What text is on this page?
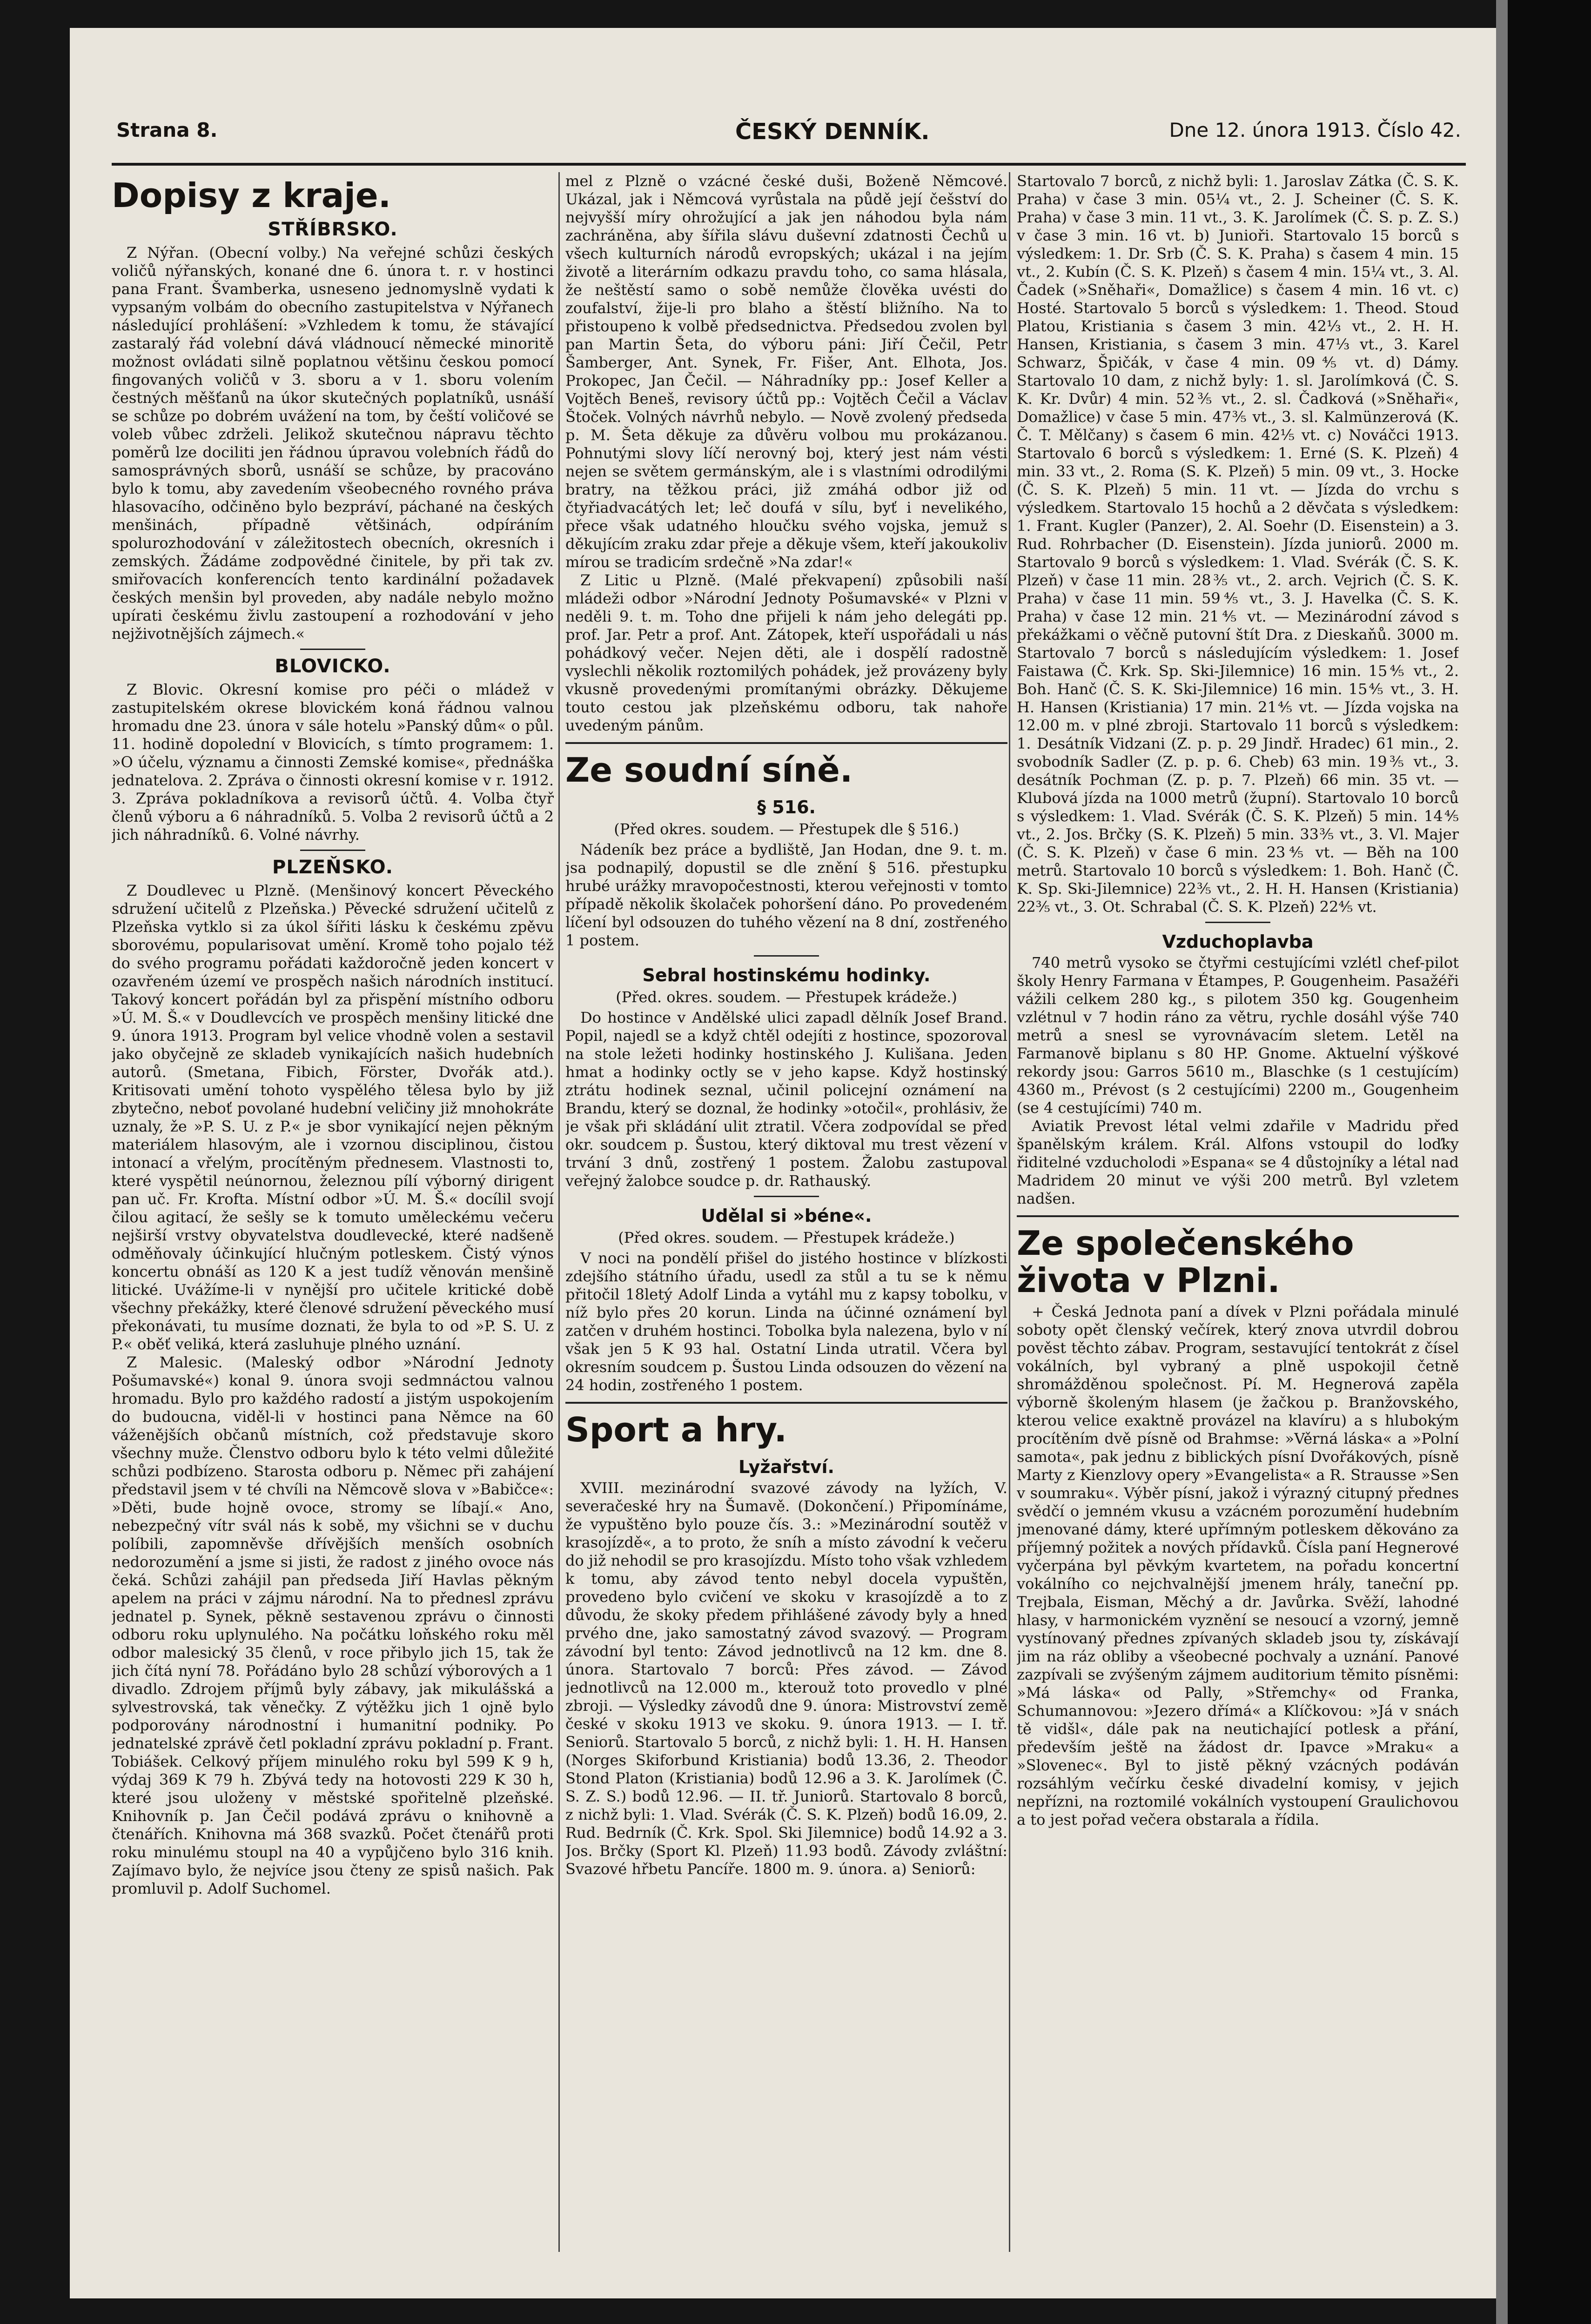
Strana 8.	ČESKÝ DENNÍK.	Dne 12. února 1913. Číslo 42.
Dopisy z kraje.
STŘÍBRSKO.

Z Nýřan. (Obecní volby.) Na veřejné schůzi českých voličů nýřanských, konané dne 6. února t. r. v hostinci pana Frant. Švamberka, usneseno jednomyslně vydati k vypsaným volbám do obecního zastupitelstva v Nýřanech následující prohlášení: »Vzhledem k tomu, že stávající zastaralý řád volební dává vládnoucí německé minoritě možnost ovládati silně poplatnou většinu českou pomocí fingovaných voličů v 3. sboru a v 1. sboru volením čestných měšťanů na úkor skutečných poplatníků, usnáší se schůze po dobrém uvážení na tom, by čeští voličové se voleb vůbec zdrželi. Jelikož skutečnou nápravu těchto poměrů lze dociliti jen řádnou úpravou volebních řádů do samosprávných sborů, usnáší se schůze, by pracováno bylo k tomu, aby zavedením všeobecného rovného práva hlasovacího, odčiněno bylo bezpráví, páchané na českých menšinách, případně většinách, odpíráním spolurozhodování v záležitostech obecních, okresních i zemských. Žádáme zodpovědné činitele, by při tak zv. smiřovacích konferencích tento kardinální požadavek českých menšin byl proveden, aby nadále nebylo možno upírati českému živlu zastoupení a rozhodování v jeho nejživotnějších zájmech.«

BLOVICKO.

Z Blovic. Okresní komise pro péči o mládež v zastupitelském okrese blovickém koná řádnou valnou hromadu dne 23. února v sále hotelu »Panský dům« o půl. 11. hodině dopolední v Blovicích, s tímto programem: 1. »O účelu, významu a činnosti Zemské komise«, přednáška jednatelova. 2. Zpráva o činnosti okresní komise v r. 1912. 3. Zpráva pokladníkova a revisorů účtů. 4. Volba čtyř členů výboru a 6 náhradníků. 5. Volba 2 revisorů účtů a 2 jich náhradníků. 6. Volné návrhy.

PLZEŇSKO.

Z Doudlevec u Plzně. (Menšinový koncert Pěveckého sdružení učitelů z Plzeňska.) Pěvecké sdružení učitelů z Plzeňska vytklo si za úkol šířiti lásku k českému zpěvu sborovému, popularisovat umění. Kromě toho pojalo též do svého programu pořádati každoročně jeden koncert v ozavřeném území ve prospěch našich národních institucí. Takový koncert pořádán byl za přispění místního odboru »Ú. M. Š.« v Doudlevcích ve prospěch menšiny litické dne 9. února 1913. Program byl velice vhodně volen a sestavil jako obyčejně ze skladeb vynikajících našich hudebních autorů. (Smetana, Fibich, Förster, Dvořák atd.). Kritisovati umění tohoto vyspělého tělesa bylo by již zbytečno, neboť povolané hudební veličiny již mnohokráte uznaly, že »P. S. U. z P.« je sbor vynikající nejen pěkným materiálem hlasovým, ale i vzornou disciplinou, čistou intonací a vřelým, procítěným přednesem. Vlastnosti to, které vyspětil neúnornou, železnou pílí výborný dirigent pan uč. Fr. Krofta. Místní odbor »Ú. M. Š.« docílil svojí čilou agitací, že sešly se k tomuto uměleckému večeru nejširší vrstvy obyvatelstva doudlevecké, které nadšeně odměňovaly účinkující hlučným potleskem. Čistý výnos koncertu obnáší as 120 K a jest tudíž věnován menšině litické. Uvážíme-li v nynější pro učitele kritické době všechny překážky, které členové sdružení pěveckého musí překonávati, tu musíme doznati, že byla to od »P. S. U. z P.« oběť veliká, která zasluhuje plného uznání.

Z Malesic. (Maleský odbor »Národní Jednoty Pošumavské«) konal 9. února svoji sedmnáctou valnou hromadu. Bylo pro každého radostí a jistým uspokojením do budoucna, viděl-li v hostinci pana Němce na 60 váženějších občanů místních, což představuje skoro všechny muže. Členstvo odboru bylo k této velmi důležité schůzi podbízeno. Starosta odboru p. Němec při zahájení představil jsem v té chvíli na Němcově slova v »Babičce«: »Děti, bude hojně ovoce, stromy se líbají.« Ano, nebezpečný vítr svál nás k sobě, my všichni se v duchu políbili, zapomněvše dřívějších menších osobních nedorozumění a jsme si jisti, že radost z jiného ovoce nás čeká. Schůzi zahájil pan předseda Jiří Havlas pěkným apelem na práci v zájmu národní. Na to přednesl zprávu jednatel p. Synek, pěkně sestavenou zprávu o činnosti odboru roku uplynulého. Na počátku loňského roku měl odbor malesický 35 členů, v roce přibylo jich 15, tak že jich čítá nyní 78. Pořádáno bylo 28 schůzí výborových a 1 divadlo. Zdrojem příjmů byly zábavy, jak mikulášská a sylvestrovská, tak věnečky. Z výtěžku jich 1 ojně bylo podporovány národnostní i humanitní podniky. Po jednatelské zprávě četl pokladní zprávu pokladní p. Frant. Tobiášek. Celkový příjem minulého roku byl 599 K 9 h, výdaj 369 K 79 h. Zbývá tedy na hotovosti 229 K 30 h, které jsou uloženy v městské spořitelně plzeňské. Knihovník p. Jan Čečil podává zprávu o knihovně a čtenářích. Knihovna má 368 svazků. Počet čtenářů proti roku minulému stoupl na 40 a vypůjčeno bylo 316 knih. Zajímavo bylo, že nejvíce jsou čteny ze spisů našich. Pak promluvil p. Adolf Suchomel.

mel z Plzně o vzácné české duši, Boženě Němcové. Ukázal, jak i Němcová vyrůstala na půdě její češství do nejvyšší míry ohrožující a jak jen náhodou byla nám zachráněna, aby šířila slávu duševní zdatnosti Čechů u všech kulturních národů evropských; ukázal i na jejím životě a literárním odkazu pravdu toho, co sama hlásala, že neštěstí samo o sobě nemůže člověka uvésti do zoufalství, žije-li pro blaho a štěstí bližního. Na to přistoupeno k volbě předsednictva. Předsedou zvolen byl pan Martin Šeta, do výboru páni: Jiří Čečil, Petr Šamberger, Ant. Synek, Fr. Fišer, Ant. Elhota, Jos. Prokopec, Jan Čečil. — Náhradníky pp.: Josef Keller a Vojtěch Beneš, revisory účtů pp.: Vojtěch Čečil a Václav Štoček. Volných návrhů nebylo. — Nově zvolený předseda p. M. Šeta děkuje za důvěru volbou mu prokázanou. Pohnutými slovy líčí nerovný boj, který jest nám vésti nejen se světem germánským, ale i s vlastními odrodilými bratry, na těžkou práci, již zmáhá odbor již od čtyřiadvacátých let; leč doufá v sílu, byť i nevelikého, přece však udatného hloučku svého vojska, jemuž s děkujícím zraku zdar přeje a děkuje všem, kteří jakoukoliv mírou se tradicím srdečně »Na zdar!«

Z Litic u Plzně. (Malé překvapení) způsobili naší mládeži odbor »Národní Jednoty Pošumavské« v Plzni v neděli 9. t. m. Toho dne přijeli k nám jeho delegáti pp. prof. Jar. Petr a prof. Ant. Zátopek, kteří uspořádali u nás pohádkový večer. Nejen děti, ale i dospělí radostně vyslechli několik roztomilých pohádek, jež provázeny byly vkusně provedenými promítanými obrázky. Děkujeme touto cestou jak plzeňskému odboru, tak nahoře uvedeným pánům.

Ze soudní síně.
§ 516.
(Před okres. soudem. — Přestupek dle § 516.)

Nádeník bez práce a bydliště, Jan Hodan, dne 9. t. m. jsa podnapilý, dopustil se dle znění § 516. přestupku hrubé urážky mravopočestnosti, kterou veřejnosti v tomto případě několik školaček pohoršení dáno. Po provedeném líčení byl odsouzen do tuhého vězení na 8 dní, zostřeného 1 postem.

Sebral hostinskému hodinky.
(Před. okres. soudem. — Přestupek krádeže.)

Do hostince v Andělské ulici zapadl dělník Josef Brand. Popil, najedl se a když chtěl odejíti z hostince, spozoroval na stole ležeti hodinky hostinského J. Kulišana. Jeden hmat a hodinky octly se v jeho kapse. Když hostinský ztrátu hodinek seznal, učinil policejní oznámení na Brandu, který se doznal, že hodinky »otočil«, prohlásiv, že je však při skládání ulit ztratil. Včera zodpovídal se před okr. soudcem p. Šustou, který diktoval mu trest vězení v trvání 3 dnů, zostřený 1 postem. Žalobu zastupoval veřejný žalobce soudce p. dr. Rathauský.

Udělal si »béne«.
(Před okres. soudem. — Přestupek krádeže.)

V noci na pondělí přišel do jistého hostince v blízkosti zdejšího státního úřadu, usedl za stůl a tu se k němu přitočil 18letý Adolf Linda a vytáhl mu z kapsy tobolku, v níž bylo přes 20 korun. Linda na účinné oznámení byl zatčen v druhém hostinci. Tobolka byla nalezena, bylo v ní však jen 5 K 93 hal. Ostatní Linda utratil. Včera byl okresním soudcem p. Šustou Linda odsouzen do vězení na 24 hodin, zostřeného 1 postem.

Sport a hry.
Lyžařství.

XVIII. mezinárodní svazové závody na lyžích, V. severačeské hry na Šumavě. (Dokončení.) Připomínáme, že vypuštěno bylo pouze čís. 3.: »Mezinárodní soutěž v krasojízdě«, a to proto, že sníh a místo závodní k večeru do již nehodil se pro krasojízdu. Místo toho však vzhledem k tomu, aby závod tento nebyl docela vypuštěn, provedeno bylo cvičení ve skoku v krasojízdě a to z důvodu, že skoky předem přihlášené závody byly a hned prvého dne, jako samostatný závod svazový. — Program závodní byl tento: Závod jednotlivců na 12 km. dne 8. února. Startovalo 7 borců: Přes závod. — Závod jednotlivců na 12.000 m., kterouž toto provedlo v plné zbroji. — Výsledky závodů dne 9. února: Mistrovství země české v skoku 1913 ve skoku. 9. února 1913. — I. tř. Seniorů. Startovalo 5 borců, z nichž byli: 1. H. H. Hansen (Norges Skiforbund Kristiania) bodů 13.36, 2. Theodor Stond Platon (Kristiania) bodů 12.96 a 3. K. Jarolímek (Č. S. Z. S.) bodů 12.96. — II. tř. Juniorů. Startovalo 8 borců, z nichž byli: 1. Vlad. Svérák (Č. S. K. Plzeň) bodů 16.09, 2. Rud. Bedrník (Č. Krk. Spol. Ski Jilemnice) bodů 14.92 a 3. Jos. Brčky (Sport Kl. Plzeň) 11.93 bodů. Závody zvláštní: Svazové hřbetu Pancíře. 1800 m. 9. února. a) Seniorů:

Startovalo 7 borců, z nichž byli: 1. Jaroslav Zátka (Č. S. K. Praha) v čase 3 min. 05¼ vt., 2. J. Scheiner (Č. S. K. Praha) v čase 3 min. 11 vt., 3. K. Jarolímek (Č. S. p. Z. S.) v čase 3 min. 16 vt. b) Junioři. Startovalo 15 borců s výsledkem: 1. Dr. Srb (Č. S. K. Praha) s časem 4 min. 15 vt., 2. Kubín (Č. S. K. Plzeň) s časem 4 min. 15¼ vt., 3. Al. Čadek (»Sněhaři«, Domažlice) s časem 4 min. 16 vt. c) Hosté. Startovalo 5 borců s výsledkem: 1. Theod. Stoud Platou, Kristiania s časem 3 min. 42⅓ vt., 2. H. H. Hansen, Kristiania, s časem 3 min. 47⅓ vt., 3. Karel Schwarz, Špičák, v čase 4 min. 09⅘ vt. d) Dámy. Startovalo 10 dam, z nichž byly: 1. sl. Jarolímková (Č. S. K. Kr. Dvůr) 4 min. 52⅗ vt., 2. sl. Čadková (»Sněhaři«, Domažlice) v čase 5 min. 47⅗ vt., 3. sl. Kalmünzerová (K. Č. T. Mělčany) s časem 6 min. 42⅕ vt. c) Nováčci 1913. Startovalo 6 borců s výsledkem: 1. Erné (S. K. Plzeň) 4 min. 33 vt., 2. Roma (S. K. Plzeň) 5 min. 09 vt., 3. Hocke (Č. S. K. Plzeň) 5 min. 11 vt. — Jízda do vrchu s výsledkem. Startovalo 15 hochů a 2 děvčata s výsledkem: 1. Frant. Kugler (Panzer), 2. Al. Soehr (D. Eisenstein) a 3. Rud. Rohrbacher (D. Eisenstein). Jízda juniorů. 2000 m. Startovalo 9 borců s výsledkem: 1. Vlad. Svérák (Č. S. K. Plzeň) v čase 11 min. 28⅗ vt., 2. arch. Vejrich (Č. S. K. Praha) v čase 11 min. 59⅘ vt., 3. J. Havelka (Č. S. K. Praha) v čase 12 min. 21⅘ vt. — Mezinárodní závod s překážkami o věčně putovní štít Dra. z Dieskaňů. 3000 m. Startovalo 7 borců s následujícím výsledkem: 1. Josef Faistawa (Č. Krk. Sp. Ski-Jilemnice) 16 min. 15⅘ vt., 2. Boh. Hanč (Č. S. K. Ski-Jilemnice) 16 min. 15⅘ vt., 3. H. H. Hansen (Kristiania) 17 min. 21⅘ vt. — Jízda vojska na 12.00 m. v plné zbroji. Startovalo 11 borců s výsledkem: 1. Desátník Vidzani (Z. p. p. 29 Jindř. Hradec) 61 min., 2. svobodník Sadler (Z. p. p. 6. Cheb) 63 min. 19⅗ vt., 3. desátník Pochman (Z. p. p. 7. Plzeň) 66 min. 35 vt. — Klubová jízda na 1000 metrů (župní). Startovalo 10 borců s výsledkem: 1. Vlad. Svérák (Č. S. K. Plzeň) 5 min. 14⅘ vt., 2. Jos. Brčky (S. K. Plzeň) 5 min. 33⅗ vt., 3. Vl. Majer (Č. S. K. Plzeň) v čase 6 min. 23⅘ vt. — Běh na 100 metrů. Startovalo 10 borců s výsledkem: 1. Boh. Hanč (Č. K. Sp. Ski-Jilemnice) 22⅗ vt., 2. H. H. Hansen (Kristiania) 22⅗ vt., 3. Ot. Schrabal (Č. S. K. Plzeň) 22⅘ vt.

Vzduchoplavba

740 metrů vysoko se čtyřmi cestujícími vzlétl chef-pilot školy Henry Farmana v Étampes, P. Gougenheim. Pasažéři vážili celkem 280 kg., s pilotem 350 kg. Gougenheim vzlétnul v 7 hodin ráno za větru, rychle dosáhl výše 740 metrů a snesl se vyrovnávacím sletem. Letěl na Farmanově biplanu s 80 HP. Gnome. Aktuelní výškové rekordy jsou: Garros 5610 m., Blaschke (s 1 cestujícím) 4360 m., Prévost (s 2 cestujícími) 2200 m., Gougenheim (se 4 cestujícími) 740 m.

Aviatik Prevost létal velmi zdařile v Madridu před španělským králem. Král. Alfons vstoupil do loďky řiditelné vzducholodi »Espana« se 4 důstojníky a létal nad Madridem 20 minut ve výši 200 metrů. Byl vzletem nadšen.

Ze společenského života v Plzni.

+ Česká Jednota paní a dívek v Plzni pořádala minulé soboty opět členský večírek, který znova utvrdil dobrou pověst těchto zábav. Program, sestavující tentokrát z čísel vokálních, byl vybraný a plně uspokojil četně shromážděnou společnost. Pí. M. Hegnerová zapěla výborně školeným hlasem (je žačkou p. Branžovského, kterou velice exaktně provázel na klavíru) a s hlubokým procítěním dvě písně od Brahmse: »Věrná láska« a »Polní samota«, pak jednu z biblických písní Dvořákových, písně Marty z Kienzlovy opery »Evangelista« a R. Strausse »Sen v soumraku«. Výběr písní, jakož i výrazný citupný přednes svědčí o jemném vkusu a vzácném porozumění hudebním jmenované dámy, které upřímným potleskem děkováno za příjemný požitek a nových přídavků. Čísla paní Hegnerové vyčerpána byl pěvkým kvartetem, na pořadu koncertní vokálního co nejchvalnější jmenem hrály, taneční pp. Trejbala, Eisman, Měchý a dr. Javůrka. Svěží, lahodné hlasy, v harmonickém vyznění se nesoucí a vzorný, jemně vystínovaný přednes zpívaných skladeb jsou ty, získávají jim na ráz obliby a všeobecné pochvaly a uznání. Panové zazpívali se zvýšeným zájmem auditorium těmito písněmi: »Má láska« od Pally, »Střemchy« od Franka, Schumannovou: »Jezero dřímá« a Klíčkovou: »Já v snách tě vidšl«, dále pak na neutichající potlesk a přání, především ještě na žádost dr. Ipavce »Mraku« a »Slovenec«. Byl to jistě pěkný vzácných podáván rozsáhlým večírku české divadelní komisy, v jejich nepřízni, na roztomilé vokálních vystoupení Graulichovou a to jest pořad večera obstarala a řídila.
